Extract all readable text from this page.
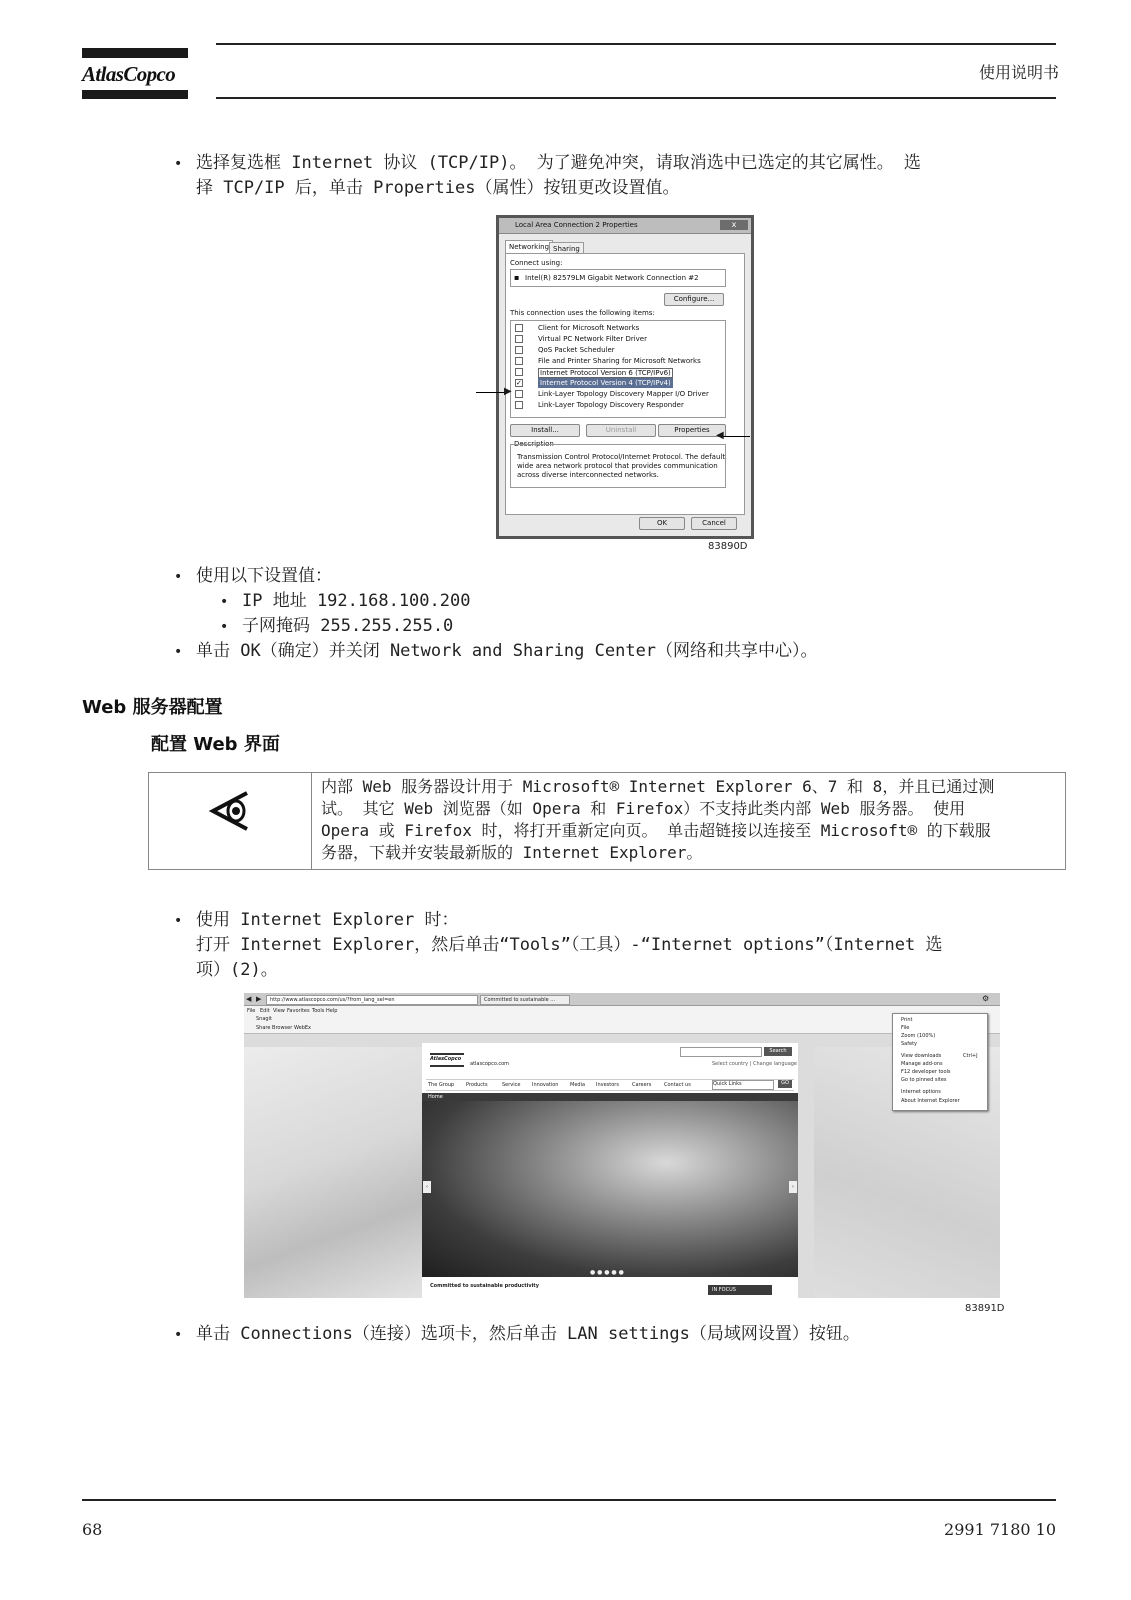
AtlasCopco	使用说明书
• 选择复选框 Internet 协议 (TCP/IP)。 为了避免冲突，请取消选中已选定的其它属性。 选
择 TCP/IP 后，单击 Properties（属性）按钮更改设置值。
Local Area Connection 2 Properties	x
Networking Sharing
Connect using:
▪ Intel(R) 82579LM Gigabit Network Connection #2
Configure...
This connection uses the following items:
Client for Microsoft Networks
Virtual PC Network Filter Driver
QoS Packet Scheduler
File and Printer Sharing for Microsoft Networks
Internet Protocol Version 6 (TCP/IPv6)
✓	Internet Protocol Version 4 (TCP/IPv4)
Link-Layer Topology Discovery Mapper I/O Driver
Link-Layer Topology Discovery Responder
Install...	Uninstall	Properties
Description
Transmission Control Protocol/Internet Protocol. The default
wide area network protocol that provides communication
across diverse interconnected networks.
OK	Cancel
▶
◀
83890D
• 使用以下设置值：
• IP 地址 192.168.100.200
• 子网掩码 255.255.255.0
• 单击 OK（确定）并关闭 Network and Sharing Center（网络和共享中心）。
Web 服务器配置
配置 Web 界面
内部 Web 服务器设计用于 Microsoft® Internet Explorer 6、7 和 8，并且已通过测
试。 其它 Web 浏览器（如 Opera 和 Firefox）不支持此类内部 Web 服务器。 使用
Opera 或 Firefox 时，将打开重新定向页。 单击超链接以连接至 Microsoft® 的下载服
务器，下载并安装最新版的 Internet Explorer。
• 使用 Internet Explorer 时：
打开 Internet Explorer，然后单击“Tools”（工具）-“Internet options”（Internet 选
项）(2)。
◀ ▶ http://www.atlascopco.com/us/?from_lang_sel=en	Committed to sustainable ...	⚙
File Edit View Favorites Tools Help
Snagit
Share Browser WebEx
AtlasCopco
atlascopco.com
Search
Select country | Change language
The Group Products	Service Innovation Media Investors	Careers	Contact us	Quick Links	GO
Home
‹	›
● ● ● ● ●
Committed to sustainable productivity
IN FOCUS
Print
File
Zoom (100%)
Safety
View downloads	Ctrl+J
Manage add-ons
F12 developer tools
Go to pinned sites
Internet options
About Internet Explorer
83891D
• 单击 Connections（连接）选项卡，然后单击 LAN settings（局域网设置）按钮。
68	2991 7180 10
